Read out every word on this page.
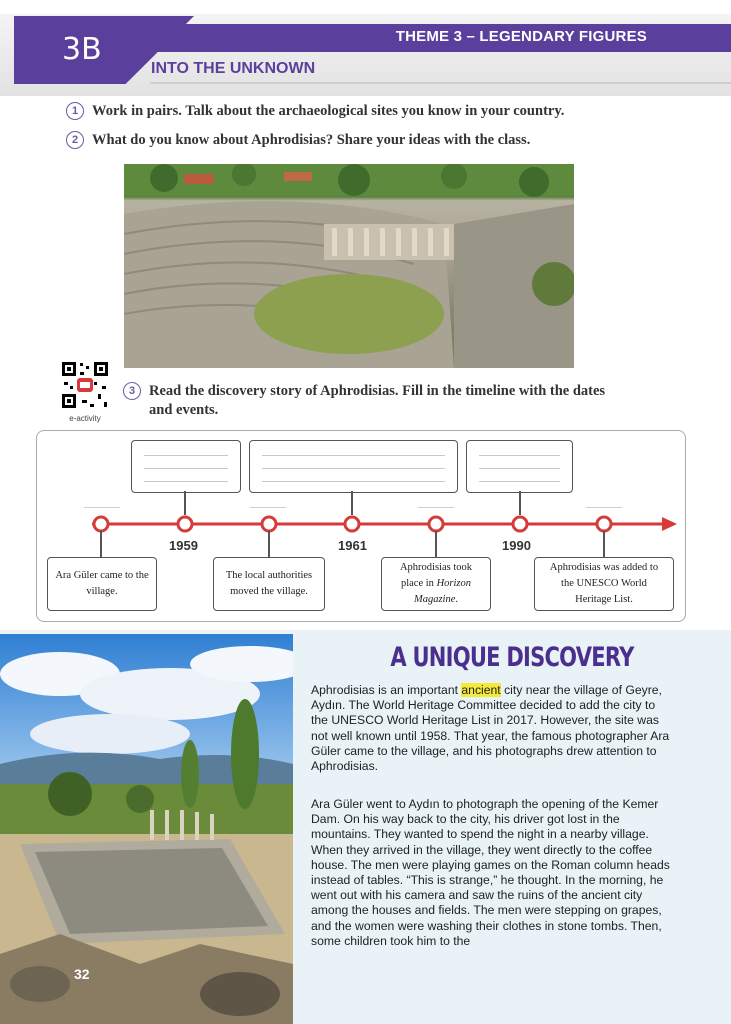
3B	THEME 3 – LEGENDARY FIGURES
INTO THE UNKNOWN
1 Work in pairs. Talk about the archaeological sites you know in your country.
2 What do you know about Aphrodisias? Share your ideas with the class.
e-activity
3 Read the discovery story of Aphrodisias. Fill in the timeline with the dates
and events.
1959	1961	1990
Ara Güler came to the village.
The local authorities moved the village.
Aphrodisias took place in Horizon Magazine.
Aphrodisias was added to the UNESCO World Heritage List.
32
A UNIQUE DISCOVERY
Aphrodisias is an important ancient city near the village of Geyre, Aydın. The World Heritage Committee decided to add the city to the UNESCO World Heritage List in 2017. However, the site was not well known until 1958. That year, the famous photographer Ara Güler came to the village, and his photographs drew attention to Aphrodisias.
Ara Güler went to Aydın to photograph the opening of the Kemer Dam. On his way back to the city, his driver got lost in the mountains. They wanted to spend the night in a nearby village. When they arrived in the village, they went directly to the coffee house. The men were playing games on the Roman column heads instead of tables. “This is strange,” he thought. In the morning, he went out with his camera and saw the ruins of the ancient city among the houses and fields. The men were stepping on grapes, and the women were washing their clothes in stone tombs. Then, some children took him to the
